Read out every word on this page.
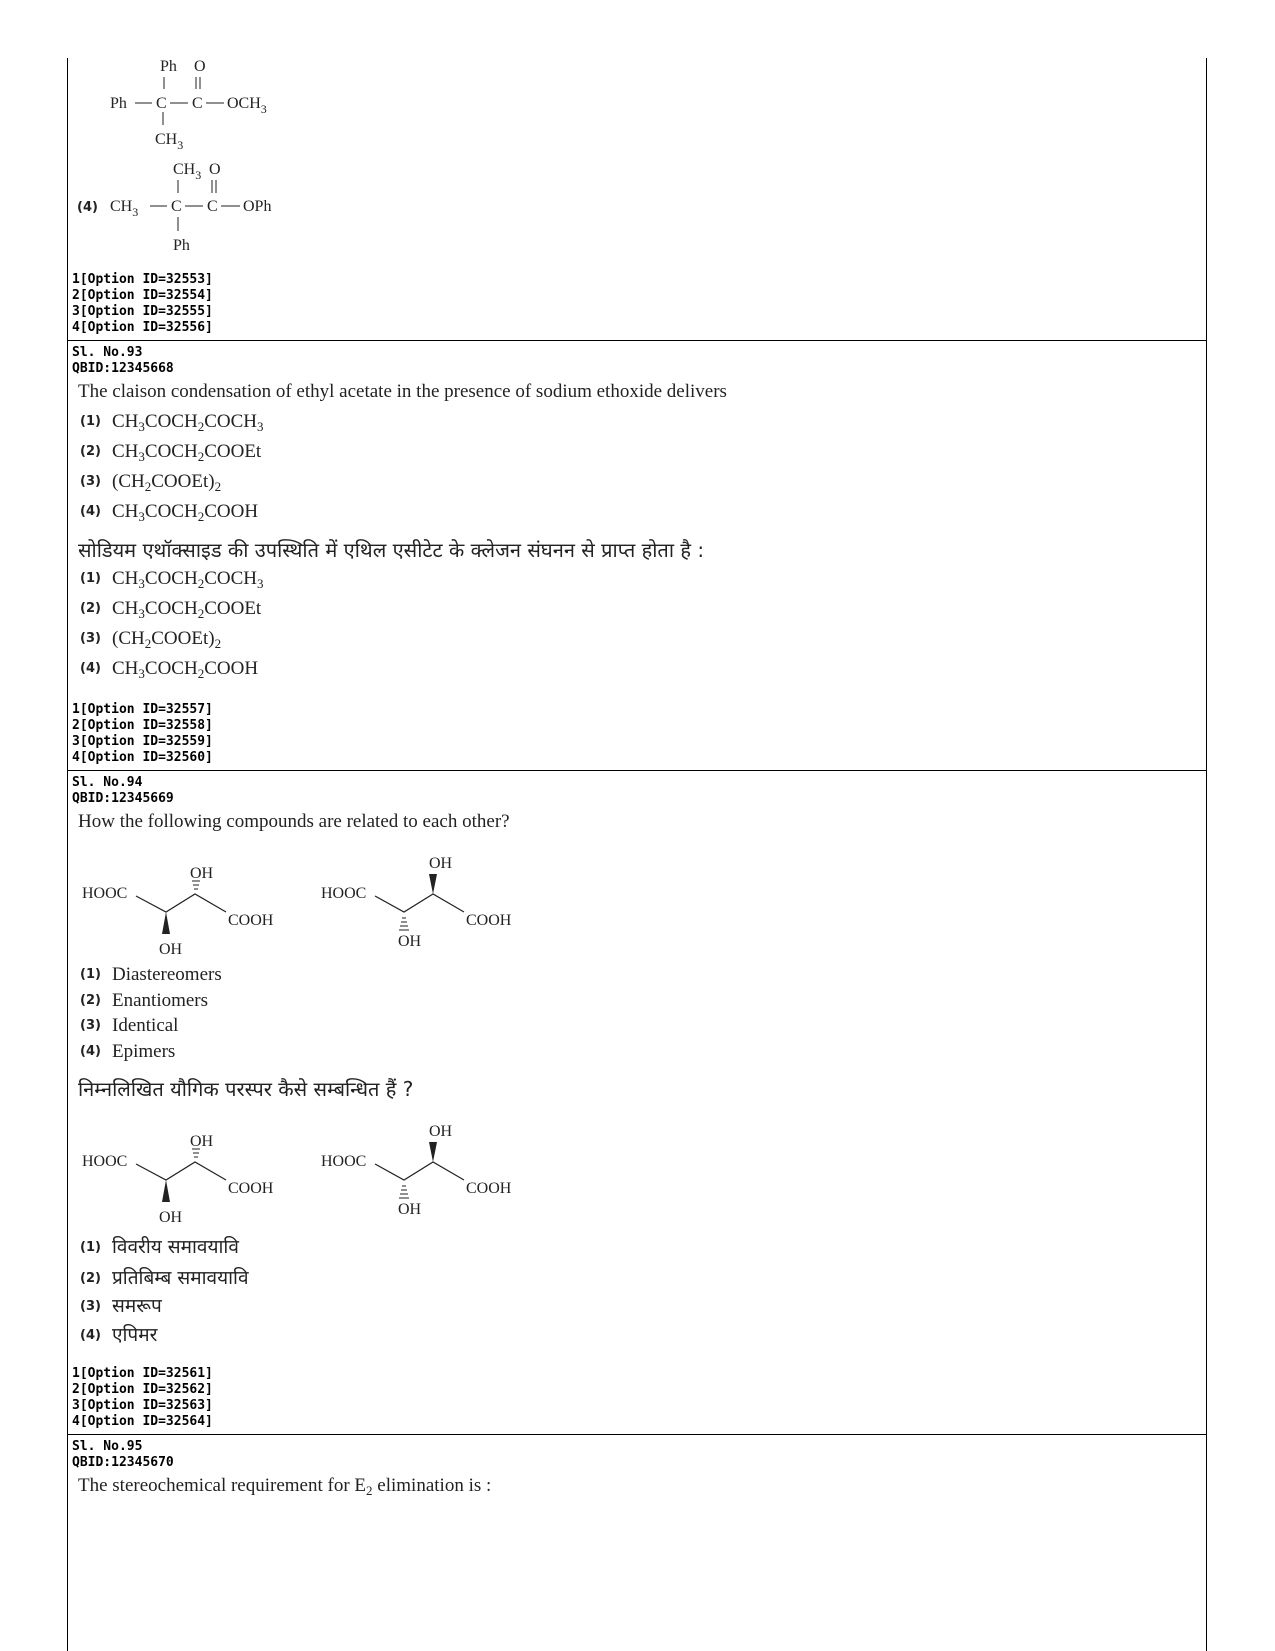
Ph O
Ph C C $OCH_3$
$CH_3$
$CH_3$ O
(4) $CH_3$ C C OPh
Ph
1[Option ID=32553]
2[Option ID=32554]
3[Option ID=32555]
4[Option ID=32556]
Sl. No.93
QBID:12345668
The claison condensation of ethyl acetate in the presence of sodium ethoxide delivers
(1) $CH_3COCH_2COCH_3$
(2) $CH_3COCH_2COOEt$
(3) $(CH_2COOEt)_2$
(4) $CH_3COCH_2COOH$
सोडियम एथॉक्साइड की उपस्थिति में एथिल एसीटेट के क्लेजन संघनन से प्राप्त होता है :
(1) $CH_3COCH_2COCH_3$
(2) $CH_3COCH_2COOEt$
(3) $(CH_2COOEt)_2$
(4) $CH_3COCH_2COOH$
1[Option ID=32557]
2[Option ID=32558]
3[Option ID=32559]
4[Option ID=32560]
Sl. No.94
QBID:12345669
How the following compounds are related to each other?
HOOC
COOH
OH
OH
HOOC
COOH
OH
OH
(1) Diastereomers
(2) Enantiomers
(3) Identical
(4) Epimers
निम्नलिखित यौगिक परस्पर कैसे सम्बन्धित हैं ?
HOOC
COOH
OH
OH
HOOC
COOH
OH
OH
(1) विवरीय समावयावि
(2) प्रतिबिम्ब समावयावि
(3) समरूप
(4) एपिमर
1[Option ID=32561]
2[Option ID=32562]
3[Option ID=32563]
4[Option ID=32564]
Sl. No.95
QBID:12345670
The stereochemical requirement for $E_2$ elimination is :
